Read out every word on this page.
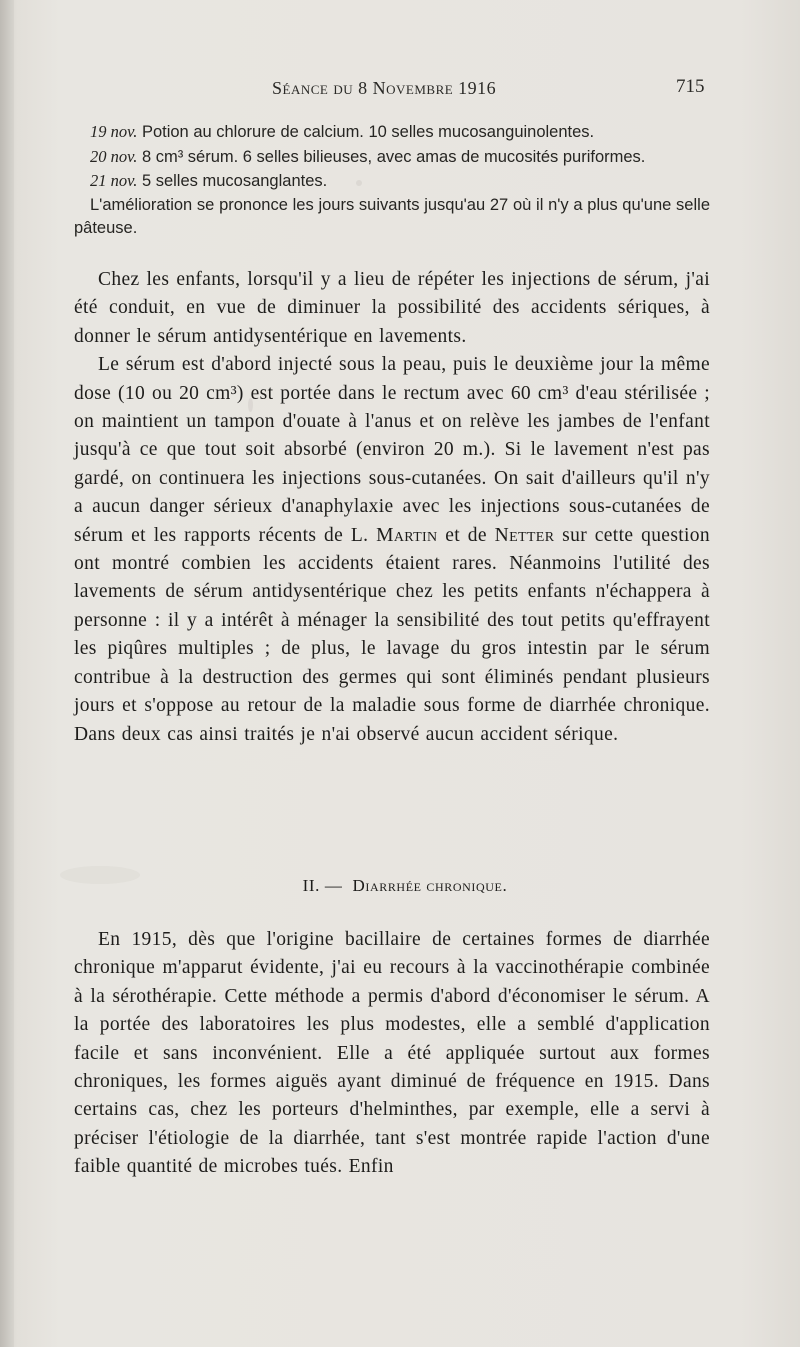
Séance du 8 Novembre 1916	715

19 nov. Potion au chlorure de calcium. 10 selles mucosanguinolentes.

20 nov. 8 cm³ sérum. 6 selles bilieuses, avec amas de mucosités puriformes.

21 nov. 5 selles mucosanglantes.

L'amélioration se prononce les jours suivants jusqu'au 27 où il n'y a plus qu'une selle pâteuse.

Chez les enfants, lorsqu'il y a lieu de répéter les injections de sérum, j'ai été conduit, en vue de diminuer la possibilité des accidents sériques, à donner le sérum antidysentérique en lavements.

Le sérum est d'abord injecté sous la peau, puis le deuxième jour la même dose (10 ou 20 cm³) est portée dans le rectum avec 60 cm³ d'eau stérilisée ; on maintient un tampon d'ouate à l'anus et on relève les jambes de l'enfant jusqu'à ce que tout soit absorbé (environ 20 m.). Si le lavement n'est pas gardé, on continuera les injections sous-cutanées. On sait d'ailleurs qu'il n'y a aucun danger sérieux d'anaphylaxie avec les injections sous-cutanées de sérum et les rapports récents de L. Martin et de Netter sur cette question ont montré combien les accidents étaient rares. Néanmoins l'utilité des lavements de sérum antidysentérique chez les petits enfants n'échappera à personne : il y a intérêt à ménager la sensibilité des tout petits qu'effrayent les piqûres multiples ; de plus, le lavage du gros intestin par le sérum contribue à la destruction des germes qui sont éliminés pendant plusieurs jours et s'oppose au retour de la maladie sous forme de diarrhée chronique. Dans deux cas ainsi traités je n'ai observé aucun accident sérique.

II. — Diarrhée chronique.

En 1915, dès que l'origine bacillaire de certaines formes de diarrhée chronique m'apparut évidente, j'ai eu recours à la vaccinothérapie combinée à la sérothérapie. Cette méthode a permis d'abord d'économiser le sérum. A la portée des laboratoires les plus modestes, elle a semblé d'application facile et sans inconvénient. Elle a été appliquée surtout aux formes chroniques, les formes aiguës ayant diminué de fréquence en 1915. Dans certains cas, chez les porteurs d'helminthes, par exemple, elle a servi à préciser l'étiologie de la diarrhée, tant s'est montrée rapide l'action d'une faible quantité de microbes tués. Enfin
